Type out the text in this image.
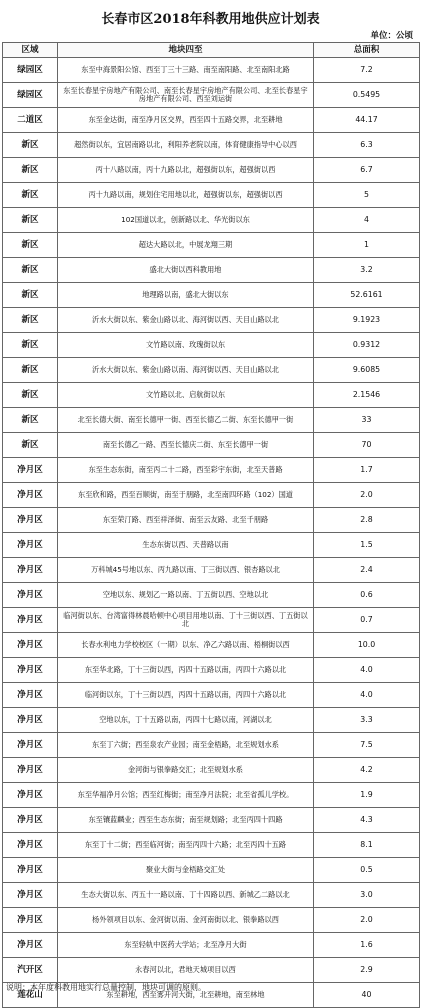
长春市区2018年科教用地供应计划表
单位：公顷
区域	地块四至	总面积
绿园区	东至中海景阳公馆、西至丁三十三路、南至南阳路、北至南阳北路	7.2
绿园区	东至长春星宇房地产有限公司、南至长春星宇房地产有限公司、北至长春星宇房地产有限公司、西至刘运街	0.5495
二道区	东至金达街，南至净月区交界，西至四十五路交界，北至耕地	44.17
新区	超然街以东，宜居南路以北，利阳养老院以南，体育健康指导中心以西	6.3
新区	丙十八路以南，丙十九路以北，超强街以东，超强街以西	6.7
新区	丙十九路以南，规划住宅用地以北，超强街以东，超强街以西	5
新区	102国道以北，创新路以北、华光街以东	4
新区	超达大路以北，中展龙翔三期	1
新区	盛北大街以西科教用地	3.2
新区	地理路以南，盛北大街以东	52.6161
新区	沂水大街以东、紫金山路以北、海河街以西、天目山路以北	9.1923
新区	文竹路以南、玫瑰街以东	0.9312
新区	沂水大街以东、紫金山路以南、海河街以西、天目山路以北	9.6085
新区	文竹路以北、启航街以东	2.1546
新区	北至长德大街、南至长德甲一街、西至长德乙二街、东至长德甲一街	33
新区	南至长德乙一路、西至长德庆二街、东至长德甲一街	70
净月区	东至生态东街，南至丙二十二路，西至彩宇东街，北至天普路	1.7
净月区	东至欣和路，西至百顺街，南至于朋路，北至南四环路（102）国道	2.0
净月区	东至荣汀路、西至祥泽街、南至云友路、北至千朋路	2.8
净月区	生态东街以西、天普路以南	1.5
净月区	万科城45号地以东、丙九路以南、丁三街以西、银杏路以北	2.4
净月区	空地以东、规划乙一路以南、丁五街以西、空地以北	0.6
净月区	临河街以东、台湾富得林晨哈顿中心项目用地以南、丁十三街以西、丁五街以北	0.7
净月区	长春水利电力学校校区（一期）以东、净乙六路以南、梧桐街以西	10.0
净月区	东至华北路，丁十三街以西，丙四十五路以南，丙四十六路以北	4.0
净月区	临河街以东，丁十三街以西，丙四十五路以南，丙四十六路以北	4.0
净月区	空地以东，丁十五路以南，丙四十七路以南，河湖以北	3.3
净月区	东至丁六街；西至泉农产业园；南至金梧路，北至规划水系	7.5
净月区	金河街与银拳路交汇；北至规划水系	4.2
净月区	东至华福净月公馆；西至红梅街；南至净月法院；北至省孤儿学校。	1.9
净月区	东至镶蓝麟业；西至生态东街；南至规划路；北至丙四十四路	4.3
净月区	东至丁十二街；西至临河街；南至丙四十六路；北至丙四十五路	8.1
净月区	聚业大街与金梧路交汇处	0.5
净月区	生态大街以东、丙五十一路以南、丁十四路以西、新城乙二路以北	3.0
净月区	杨外领项目以东、金河街以南、金河南街以北、银拳路以西	2.0
净月区	东至轻轨中医药大学站；北至净月大街	1.6
汽开区	永春河以北，君地天城项目以西	2.9
莲花山	东至耕地，西至雾开河大街，北至耕地，南至林地	40
说明：本年度科教用地实行总量控制，地块可调的原则。
